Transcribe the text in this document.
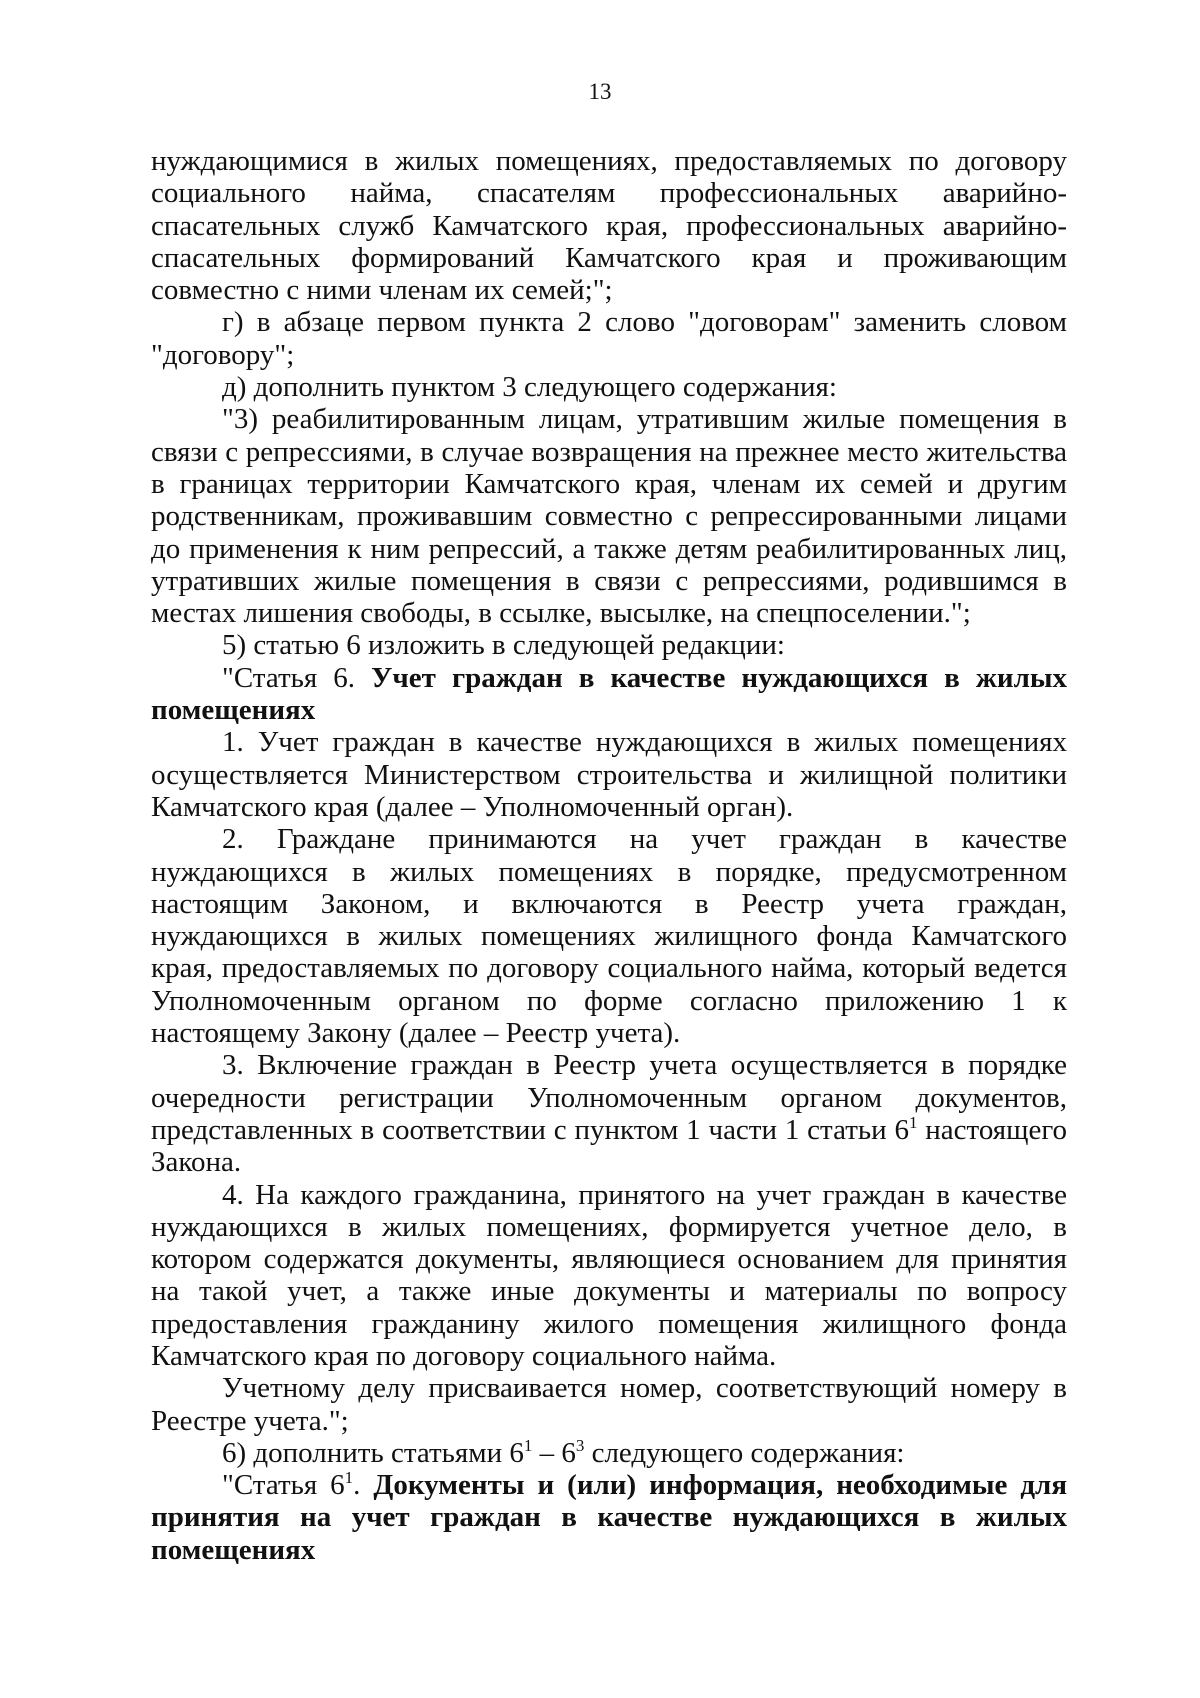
13

нуждающимися в жилых помещениях, предоставляемых по договору социального найма, спасателям профессиональных аварийно-спасательных служб Камчатского края, профессиональных аварийно-спасательных формирований Камчатского края и проживающим совместно с ними членам их семей;";

г) в абзаце первом пункта 2 слово "договорам" заменить словом "договору";

д) дополнить пунктом 3 следующего содержания:

"3) реабилитированным лицам, утратившим жилые помещения в связи с репрессиями, в случае возвращения на прежнее место жительства в границах территории Камчатского края, членам их семей и другим родственникам, проживавшим совместно с репрессированными лицами до применения к ним репрессий, а также детям реабилитированных лиц, утративших жилые помещения в связи с репрессиями, родившимся в местах лишения свободы, в ссылке, высылке, на спецпоселении.";

5) статью 6 изложить в следующей редакции:

"Статья 6. Учет граждан в качестве нуждающихся в жилых помещениях

1. Учет граждан в качестве нуждающихся в жилых помещениях осуществляется Министерством строительства и жилищной политики Камчатского края (далее – Уполномоченный орган).

2. Граждане принимаются на учет граждан в качестве нуждающихся в жилых помещениях в порядке, предусмотренном настоящим Законом, и включаются в Реестр учета граждан, нуждающихся в жилых помещениях жилищного фонда Камчатского края, предоставляемых по договору социального найма, который ведется Уполномоченным органом по форме согласно приложению 1 к настоящему Закону (далее – Реестр учета).

3. Включение граждан в Реестр учета осуществляется в порядке очередности регистрации Уполномоченным органом документов, представленных в соответствии с пунктом 1 части 1 статьи $6^1$ настоящего Закона.

4. На каждого гражданина, принятого на учет граждан в качестве нуждающихся в жилых помещениях, формируется учетное дело, в котором содержатся документы, являющиеся основанием для принятия на такой учет, а также иные документы и материалы по вопросу предоставления гражданину жилого помещения жилищного фонда Камчатского края по договору социального найма.

Учетному делу присваивается номер, соответствующий номеру в Реестре учета.";

6) дополнить статьями $6^1 - 6^3$ следующего содержания:

"Статья $6^1$. Документы и (или) информация, необходимые для принятия на учет граждан в качестве нуждающихся в жилых помещениях
